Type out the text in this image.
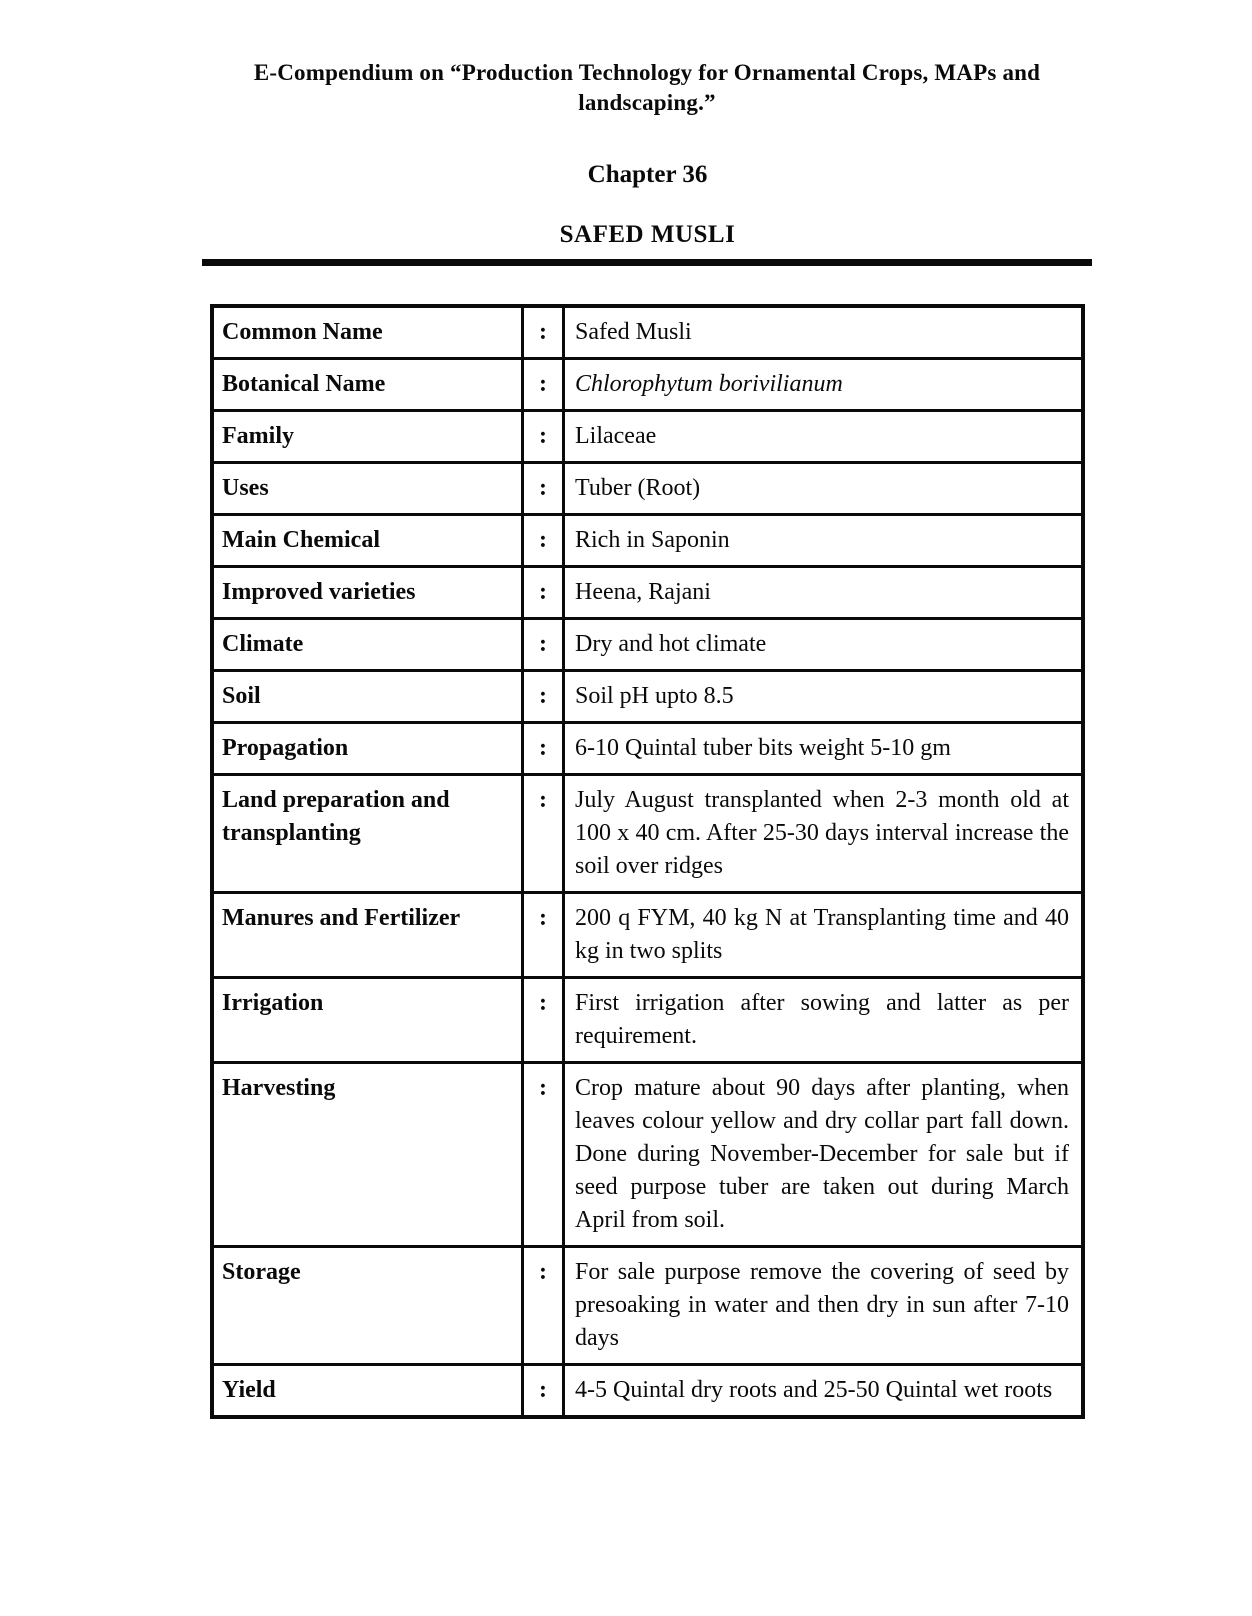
E-Compendium on “Production Technology for Ornamental Crops, MAPs and landscaping.”
Chapter 36
SAFED MUSLI
Common Name	:	Safed Musli
Botanical Name	:	Chlorophytum borivilianum
Family	:	Lilaceae
Uses	:	Tuber (Root)
Main Chemical	:	Rich in Saponin
Improved varieties	:	Heena, Rajani
Climate	:	Dry and hot climate
Soil	:	Soil pH upto 8.5
Propagation	:	6-10 Quintal tuber bits weight 5-10 gm
Land preparation and transplanting	:	July August transplanted when 2-3 month old at 100 x 40 cm. After 25-30 days interval increase the soil over ridges
Manures and Fertilizer	:	200 q FYM, 40 kg N at Transplanting time and 40 kg in two splits
Irrigation	:	First irrigation after sowing and latter as per requirement.
Harvesting	:	Crop mature about 90 days after planting, when leaves colour yellow and dry collar part fall down. Done during November-December for sale but if seed purpose tuber are taken out during March April from soil.
Storage	:	For sale purpose remove the covering of seed by presoaking in water and then dry in sun after 7-10 days
Yield	:	4-5 Quintal dry roots and 25-50 Quintal wet roots
